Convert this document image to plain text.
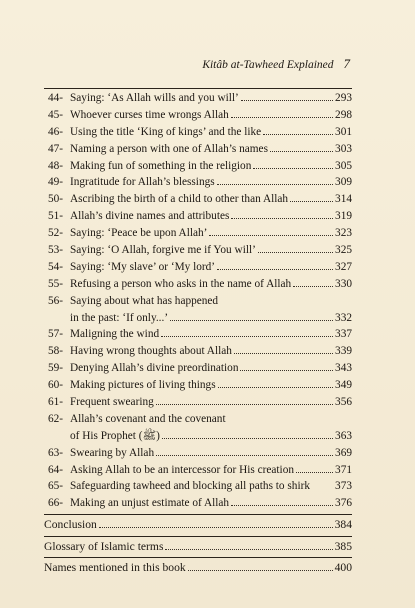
Kitâb at-Tawheed Explained 7
44- Saying: ‘As Allah wills and you will’	293
45- Whoever curses time wrongs Allah	298
46- Using the title ‘King of kings’ and the like	301
47- Naming a person with one of Allah’s names	303
48- Making fun of something in the religion	305
49- Ingratitude for Allah’s blessings	309
50- Ascribing the birth of a child to other than Allah	314
51- Allah’s divine names and attributes	319
52- Saying: ‘Peace be upon Allah’	323
53- Saying: ‘O Allah, forgive me if You will’	325
54- Saying: ‘My slave’ or ‘My lord’	327
55- Refusing a person who asks in the name of Allah	330
56- Saying about what has happened
in the past: ‘If only...’	332
57- Maligning the wind	337
58- Having wrong thoughts about Allah	339
59- Denying Allah’s divine preordination	343
60- Making pictures of living things	349
61- Frequent swearing	356
62- Allah’s covenant and the covenant
of His Prophet (ﷺ)	363
63- Swearing by Allah	369
64- Asking Allah to be an intercessor for His creation	371
65- Safeguarding tawheed and blocking all paths to shirk 373
66- Making an unjust estimate of Allah	376
Conclusion	384
Glossary of Islamic terms	385
Names mentioned in this book	400
